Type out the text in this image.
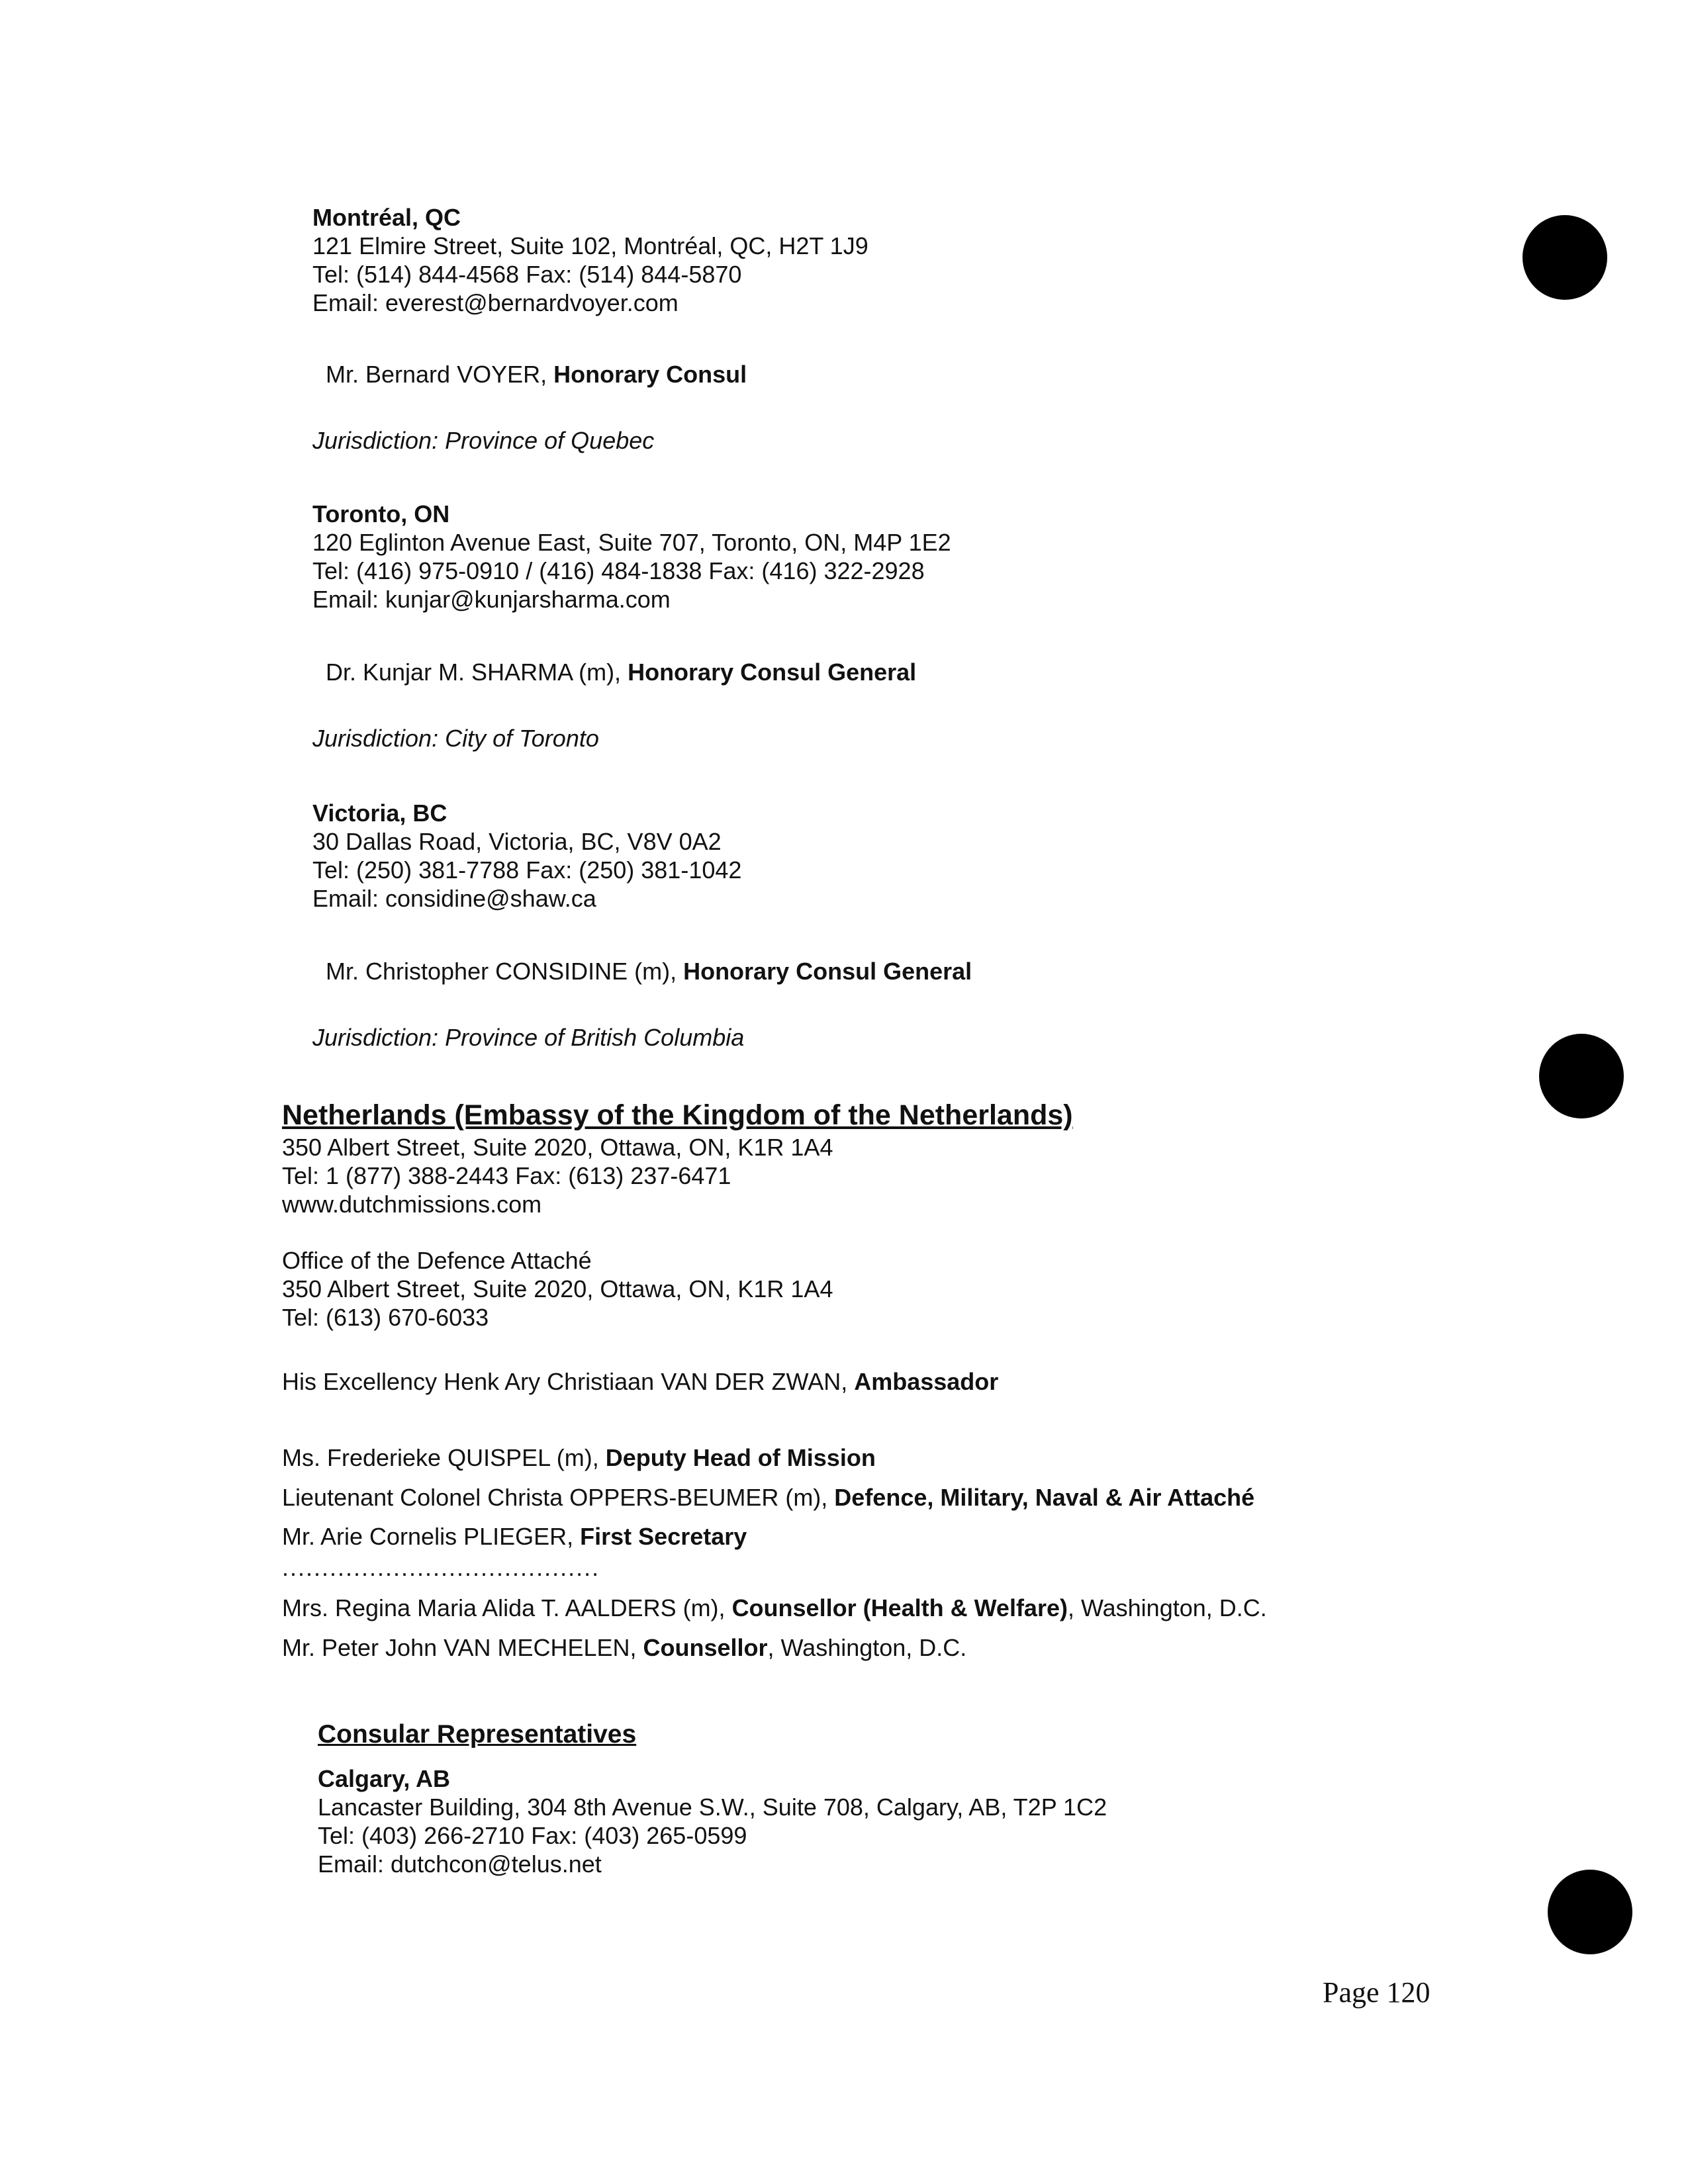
Montréal, QC
121 Elmire Street, Suite 102, Montréal, QC, H2T 1J9
Tel: (514) 844-4568 Fax: (514) 844-5870
Email: everest@bernardvoyer.com
Mr. Bernard VOYER, Honorary Consul
Jurisdiction: Province of Quebec
Toronto, ON
120 Eglinton Avenue East, Suite 707, Toronto, ON, M4P 1E2
Tel: (416) 975-0910 / (416) 484-1838 Fax: (416) 322-2928
Email: kunjar@kunjarsharma.com
Dr. Kunjar M. SHARMA (m), Honorary Consul General
Jurisdiction: City of Toronto
Victoria, BC
30 Dallas Road, Victoria, BC, V8V 0A2
Tel: (250) 381-7788 Fax: (250) 381-1042
Email: considine@shaw.ca
Mr. Christopher CONSIDINE (m), Honorary Consul General
Jurisdiction: Province of British Columbia
Netherlands (Embassy of the Kingdom of the Netherlands)
350 Albert Street, Suite 2020, Ottawa, ON, K1R 1A4
Tel: 1 (877) 388-2443 Fax: (613) 237-6471
www.dutchmissions.com
Office of the Defence Attaché
350 Albert Street, Suite 2020, Ottawa, ON, K1R 1A4
Tel: (613) 670-6033
His Excellency Henk Ary Christiaan VAN DER ZWAN, Ambassador
Ms. Frederieke QUISPEL (m), Deputy Head of Mission
Lieutenant Colonel Christa OPPERS-BEUMER (m), Defence, Military, Naval & Air Attaché
Mr. Arie Cornelis PLIEGER, First Secretary
........................................
Mrs. Regina Maria Alida T. AALDERS (m), Counsellor (Health & Welfare), Washington, D.C.
Mr. Peter John VAN MECHELEN, Counsellor, Washington, D.C.
Consular Representatives
Calgary, AB
Lancaster Building, 304 8th Avenue S.W., Suite 708, Calgary, AB, T2P 1C2
Tel: (403) 266-2710 Fax: (403) 265-0599
Email: dutchcon@telus.net
Page 120
